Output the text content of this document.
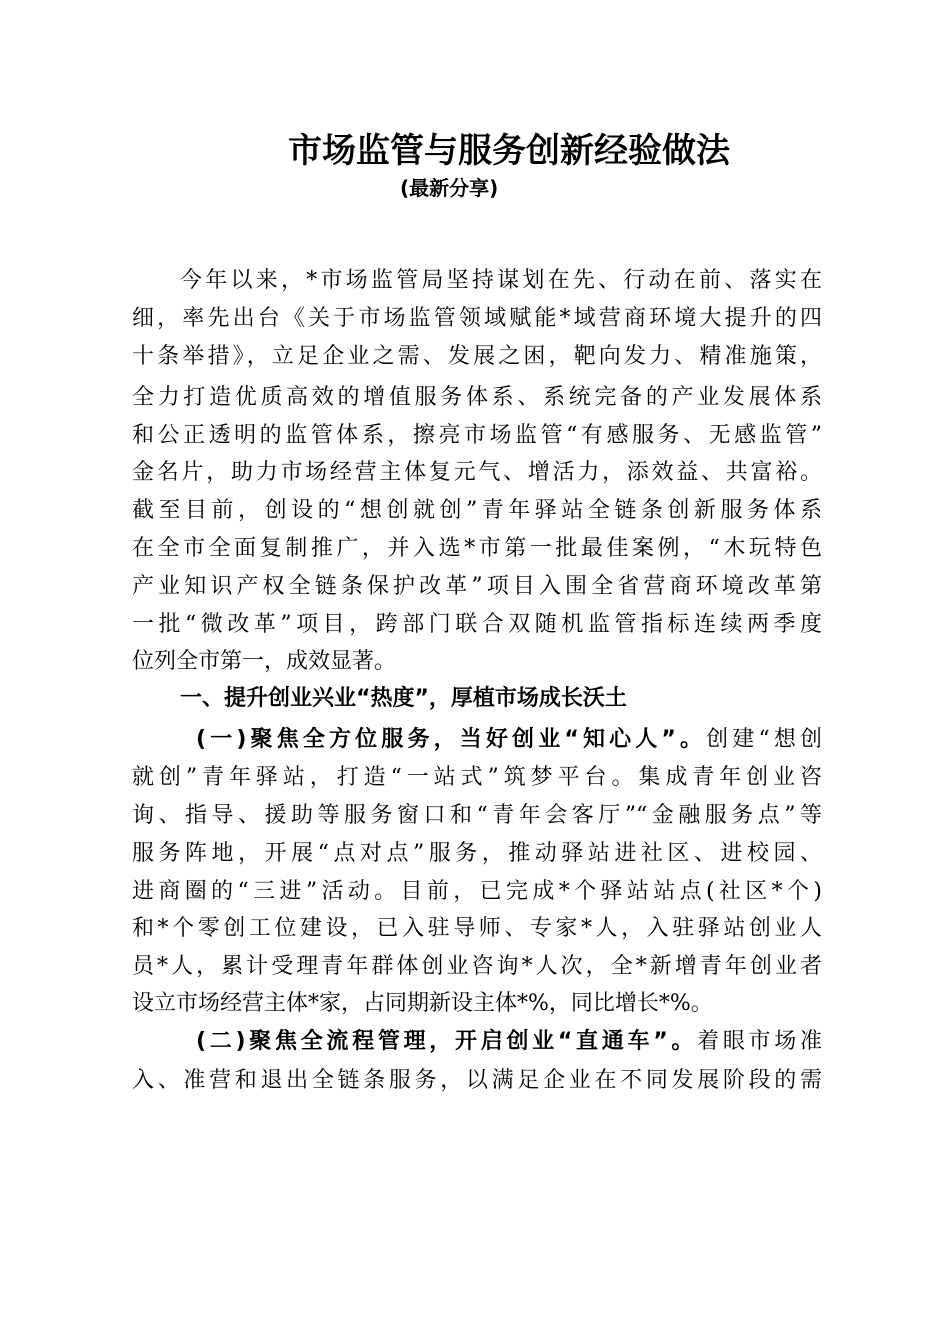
市场监管与服务创新经验做法
(最新分享)
今年以来，*市场监管局坚持谋划在先、行动在前、落实在
细，率先出台《关于市场监管领域赋能*域营商环境大提升的四
十条举措》，立足企业之需、发展之困，靶向发力、精准施策，
全力打造优质高效的增值服务体系、系统完备的产业发展体系
和公正透明的监管体系，擦亮市场监管“有感服务、无感监管”
金名片，助力市场经营主体复元气、增活力，添效益、共富裕。
截至目前，创设的“想创就创”青年驿站全链条创新服务体系
在全市全面复制推广，并入选*市第一批最佳案例，“木玩特色
产业知识产权全链条保护改革”项目入围全省营商环境改革第
一批“微改革”项目，跨部门联合双随机监管指标连续两季度
位列全市第一，成效显著。
一、提升创业兴业“热度”，厚植市场成长沃土
(一)聚焦全方位服务，当好创业“知心人”。创建“想创
就创”青年驿站，打造“一站式”筑梦平台。集成青年创业咨
询、指导、援助等服务窗口和“青年会客厅”“金融服务点”等
服务阵地，开展“点对点”服务，推动驿站进社区、进校园、
进商圈的“三进”活动。目前，已完成*个驿站站点(社区*个)
和*个零创工位建设，已入驻导师、专家*人，入驻驿站创业人
员*人，累计受理青年群体创业咨询*人次，全*新增青年创业者
设立市场经营主体*家，占同期新设主体*%，同比增长*%。
(二)聚焦全流程管理，开启创业“直通车”。着眼市场准
入、准营和退出全链条服务，以满足企业在不同发展阶段的需
